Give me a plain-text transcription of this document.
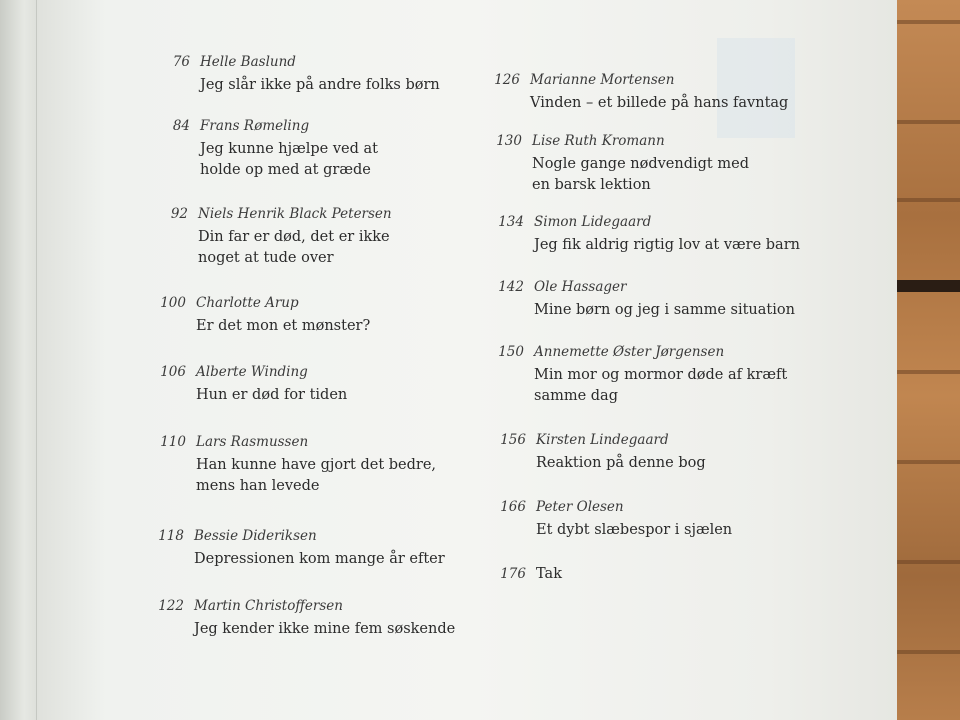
76 Helle Baslund
Jeg slår ikke på andre folks børn
84 Frans Rømeling
Jeg kunne hjælpe ved at
holde op med at græde
92 Niels Henrik Black Petersen
Din far er død, det er ikke
noget at tude over
100 Charlotte Arup
Er det mon et mønster?
106 Alberte Winding
Hun er død for tiden
110 Lars Rasmussen
Han kunne have gjort det bedre,
mens han levede
118 Bessie Dideriksen
Depressionen kom mange år efter
122 Martin Christoffersen
Jeg kender ikke mine fem søskende
126 Marianne Mortensen
Vinden – et billede på hans favntag
130 Lise Ruth Kromann
Nogle gange nødvendigt med
en barsk lektion
134 Simon Lidegaard
Jeg fik aldrig rigtig lov at være barn
142 Ole Hassager
Mine børn og jeg i samme situation
150 Annemette Øster Jørgensen
Min mor og mormor døde af kræft
samme dag
156 Kirsten Lindegaard
Reaktion på denne bog
166 Peter Olesen
Et dybt slæbespor i sjælen
176 Tak
